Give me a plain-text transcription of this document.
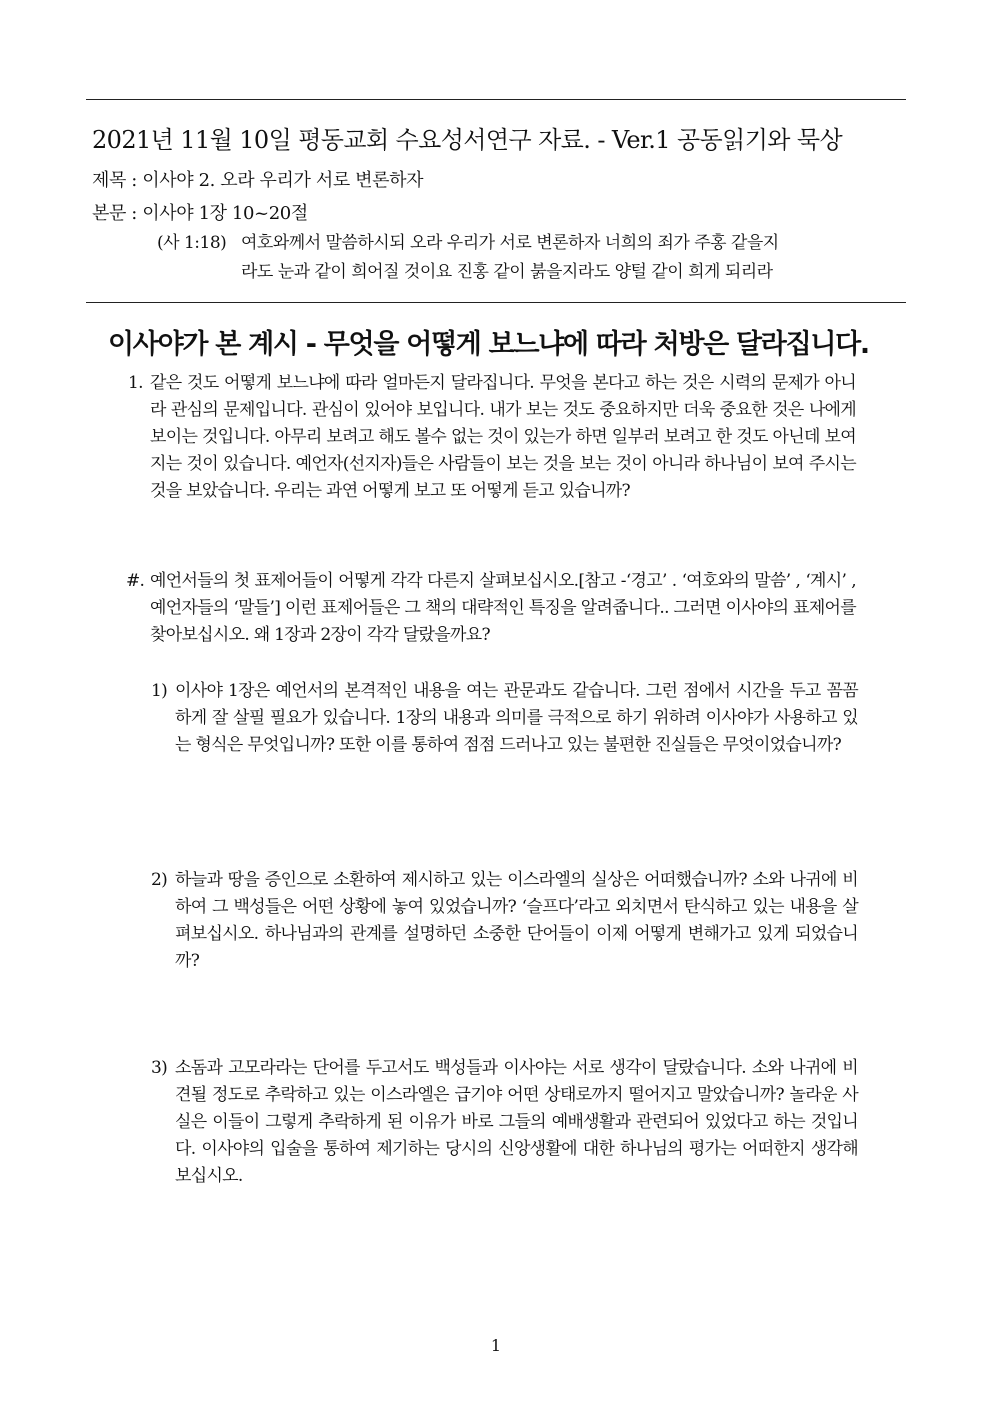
2021년 11월 10일 평동교회 수요성서연구 자료. - Ver.1 공동읽기와 묵상
제목 : 이사야 2. 오라 우리가 서로 변론하자
본문 : 이사야 1장 10~20절
(사 1:18) 여호와께서 말씀하시되 오라 우리가 서로 변론하자 너희의 죄가 주홍 같을지
라도 눈과 같이 희어질 것이요 진홍 같이 붉을지라도 양털 같이 희게 되리라
이사야가 본 계시 - 무엇을 어떻게 보느냐에 따라 처방은 달라집니다.
1. 같은 것도 어떻게 보느냐에 따라 얼마든지 달라집니다. 무엇을 본다고 하는 것은 시력의 문제가 아니라 관심의 문제입니다. 관심이 있어야 보입니다. 내가 보는 것도 중요하지만 더욱 중요한 것은 나에게 보이는 것입니다. 아무리 보려고 해도 볼수 없는 것이 있는가 하면 일부러 보려고 한 것도 아닌데 보여지는 것이 있습니다. 예언자(선지자)들은 사람들이 보는 것을 보는 것이 아니라 하나님이 보여 주시는 것을 보았습니다. 우리는 과연 어떻게 보고 또 어떻게 듣고 있습니까?
#. 예언서들의 첫 표제어들이 어떻게 각각 다른지 살펴보십시오.[참고 -‘경고’ . ‘여호와의 말씀’ , ‘계시’ , 예언자들의 ‘말들’] 이런 표제어들은 그 책의 대략적인 특징을 알려줍니다.. 그러면 이사야의 표제어를 찾아보십시오. 왜 1장과 2장이 각각 달랐을까요?
1) 이사야 1장은 예언서의 본격적인 내용을 여는 관문과도 같습니다. 그런 점에서 시간을 두고 꼼꼼하게 잘 살필 필요가 있습니다. 1장의 내용과 의미를 극적으로 하기 위하려 이사야가 사용하고 있는 형식은 무엇입니까? 또한 이를 통하여 점점 드러나고 있는 불편한 진실들은 무엇이었습니까?
2) 하늘과 땅을 증인으로 소환하여 제시하고 있는 이스라엘의 실상은 어떠했습니까? 소와 나귀에 비하여 그 백성들은 어떤 상황에 놓여 있었습니까? ‘슬프다’라고 외치면서 탄식하고 있는 내용을 살펴보십시오. 하나님과의 관계를 설명하던 소중한 단어들이 이제 어떻게 변해가고 있게 되었습니까?
3) 소돔과 고모라라는 단어를 두고서도 백성들과 이사야는 서로 생각이 달랐습니다. 소와 나귀에 비견될 정도로 추락하고 있는 이스라엘은 급기야 어떤 상태로까지 떨어지고 말았습니까? 놀라운 사실은 이들이 그렇게 추락하게 된 이유가 바로 그들의 예배생활과 관련되어 있었다고 하는 것입니다. 이사야의 입술을 통하여 제기하는 당시의 신앙생활에 대한 하나님의 평가는 어떠한지 생각해 보십시오.
1
